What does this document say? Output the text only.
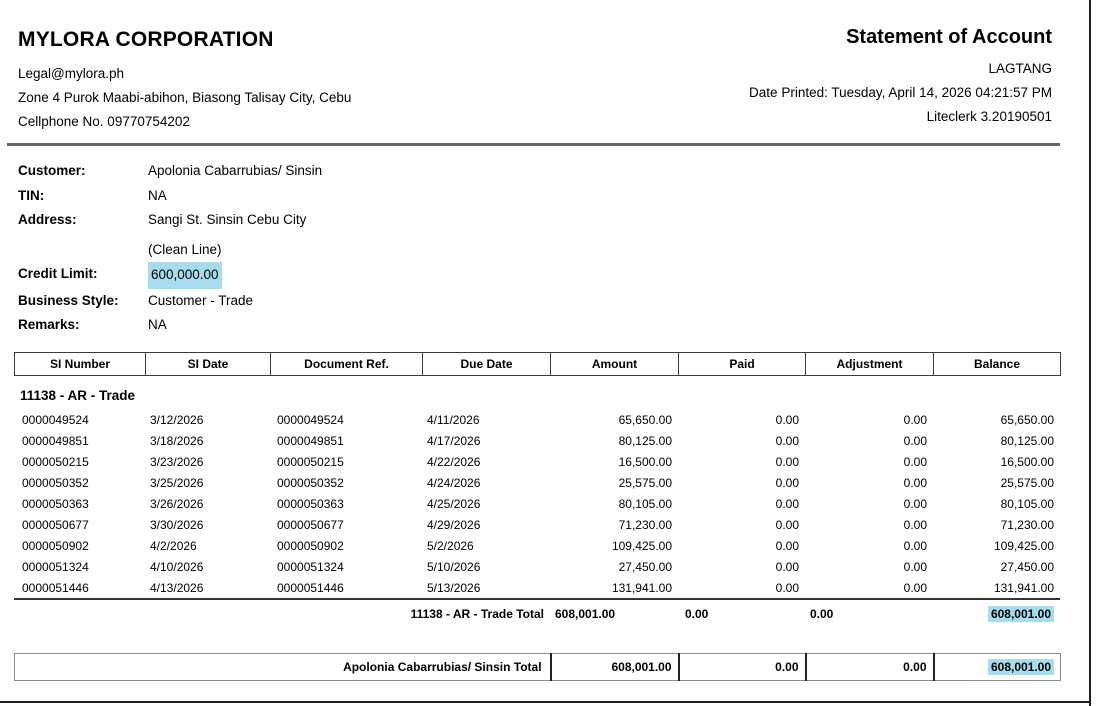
MYLORA CORPORATION
Legal@mylora.ph
Zone 4 Purok Maabi-abihon, Biasong Talisay City, Cebu
Cellphone No. 09770754202
Statement of Account
LAGTANG
Date Printed: Tuesday, April 14, 2026 04:21:57 PM
Liteclerk 3.20190501
Customer:	Apolonia Cabarrubias/ Sinsin
TIN:	NA
Address:	Sangi St. Sinsin Cebu City
(Clean Line)
Credit Limit:	600,000.00
Business Style:	Customer - Trade
Remarks:	NA
SI Number	SI Date	Document Ref.	Due Date	Amount	Paid	Adjustment	Balance
11138 - AR - Trade
0000049524	3/12/2026	0000049524	4/11/2026	65,650.00	0.00	0.00	65,650.00
0000049851	3/18/2026	0000049851	4/17/2026	80,125.00	0.00	0.00	80,125.00
0000050215	3/23/2026	0000050215	4/22/2026	16,500.00	0.00	0.00	16,500.00
0000050352	3/25/2026	0000050352	4/24/2026	25,575.00	0.00	0.00	25,575.00
0000050363	3/26/2026	0000050363	4/25/2026	80,105.00	0.00	0.00	80,105.00
0000050677	3/30/2026	0000050677	4/29/2026	71,230.00	0.00	0.00	71,230.00
0000050902	4/2/2026	0000050902	5/2/2026	109,425.00	0.00	0.00	109,425.00
0000051324	4/10/2026	0000051324	5/10/2026	27,450.00	0.00	0.00	27,450.00
0000051446	4/13/2026	0000051446	5/13/2026	131,941.00	0.00	0.00	131,941.00
11138 - AR - Trade Total				608,001.00	0.00	0.00	608,001.00
Apolonia Cabarrubias/ Sinsin Total	608,001.00	0.00	0.00	608,001.00
